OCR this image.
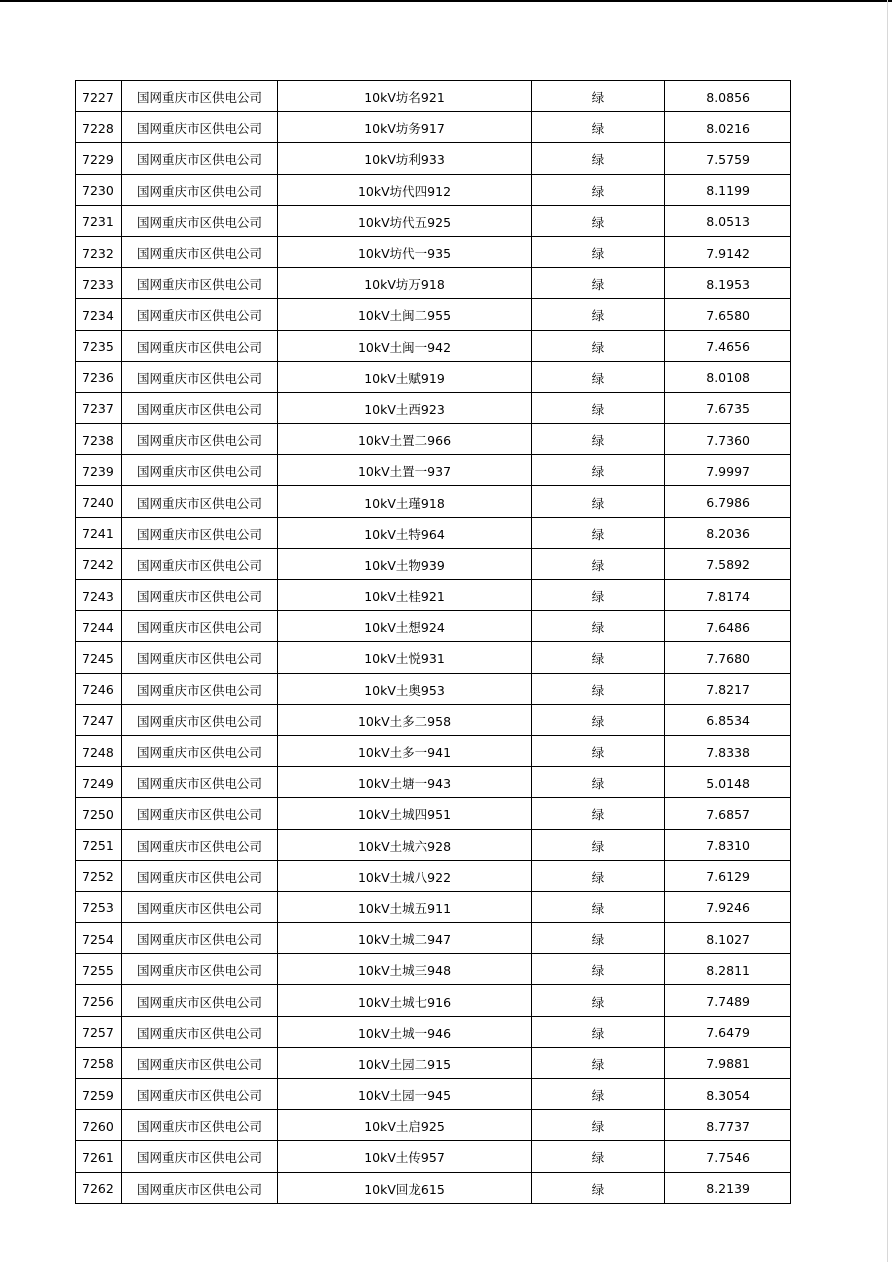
7227	国网重庆市区供电公司	10kV坊名921	绿	8.0856
7228	国网重庆市区供电公司	10kV坊务917	绿	8.0216
7229	国网重庆市区供电公司	10kV坊利933	绿	7.5759
7230	国网重庆市区供电公司	10kV坊代四912	绿	8.1199
7231	国网重庆市区供电公司	10kV坊代五925	绿	8.0513
7232	国网重庆市区供电公司	10kV坊代一935	绿	7.9142
7233	国网重庆市区供电公司	10kV坊万918	绿	8.1953
7234	国网重庆市区供电公司	10kV土闽二955	绿	7.6580
7235	国网重庆市区供电公司	10kV土闽一942	绿	7.4656
7236	国网重庆市区供电公司	10kV土赋919	绿	8.0108
7237	国网重庆市区供电公司	10kV土西923	绿	7.6735
7238	国网重庆市区供电公司	10kV土置二966	绿	7.7360
7239	国网重庆市区供电公司	10kV土置一937	绿	7.9997
7240	国网重庆市区供电公司	10kV土瑾918	绿	6.7986
7241	国网重庆市区供电公司	10kV土特964	绿	8.2036
7242	国网重庆市区供电公司	10kV土物939	绿	7.5892
7243	国网重庆市区供电公司	10kV土桂921	绿	7.8174
7244	国网重庆市区供电公司	10kV土想924	绿	7.6486
7245	国网重庆市区供电公司	10kV土悦931	绿	7.7680
7246	国网重庆市区供电公司	10kV土奥953	绿	7.8217
7247	国网重庆市区供电公司	10kV土多二958	绿	6.8534
7248	国网重庆市区供电公司	10kV土多一941	绿	7.8338
7249	国网重庆市区供电公司	10kV土塘一943	绿	5.0148
7250	国网重庆市区供电公司	10kV土城四951	绿	7.6857
7251	国网重庆市区供电公司	10kV土城六928	绿	7.8310
7252	国网重庆市区供电公司	10kV土城八922	绿	7.6129
7253	国网重庆市区供电公司	10kV土城五911	绿	7.9246
7254	国网重庆市区供电公司	10kV土城二947	绿	8.1027
7255	国网重庆市区供电公司	10kV土城三948	绿	8.2811
7256	国网重庆市区供电公司	10kV土城七916	绿	7.7489
7257	国网重庆市区供电公司	10kV土城一946	绿	7.6479
7258	国网重庆市区供电公司	10kV土园二915	绿	7.9881
7259	国网重庆市区供电公司	10kV土园一945	绿	8.3054
7260	国网重庆市区供电公司	10kV土启925	绿	8.7737
7261	国网重庆市区供电公司	10kV土传957	绿	7.7546
7262	国网重庆市区供电公司	10kV回龙615	绿	8.2139
